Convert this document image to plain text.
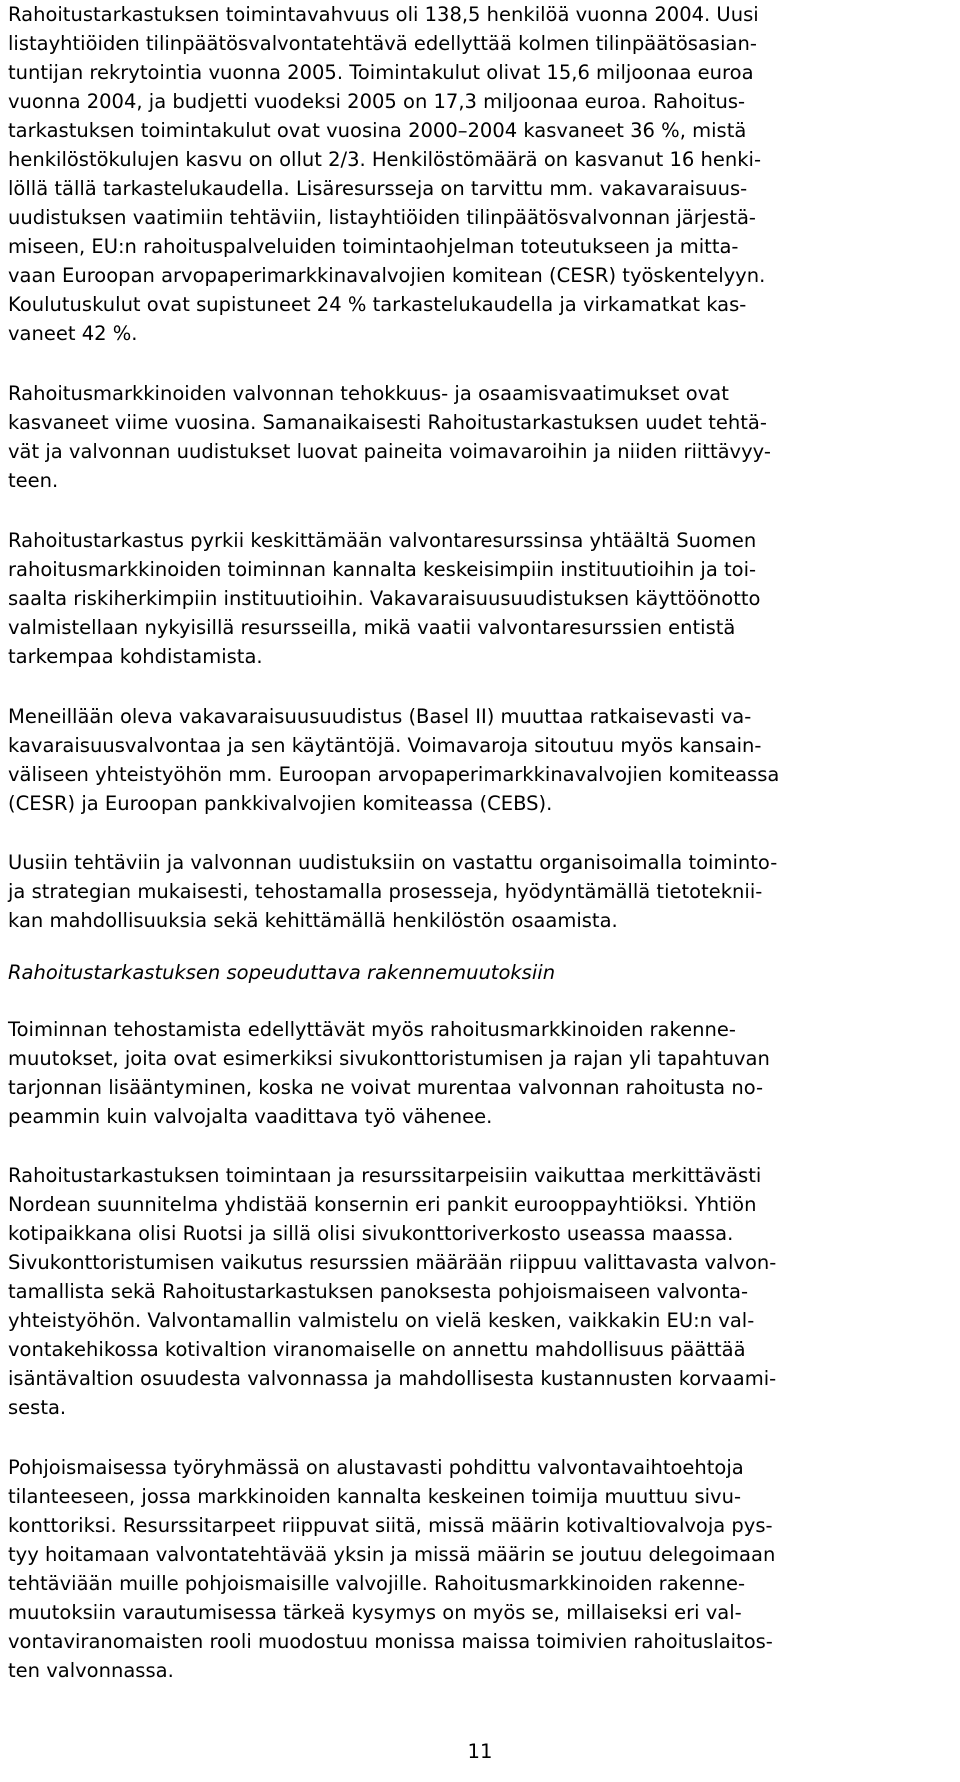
Rahoitustarkastuksen toimintavahvuus oli 138,5 henkilöä vuonna 2004. Uusi
listayhtiöiden tilinpäätösvalvontatehtävä edellyttää kolmen tilinpäätösasian-
tuntijan rekrytointia vuonna 2005. Toimintakulut olivat 15,6 miljoonaa euroa
vuonna 2004, ja budjetti vuodeksi 2005 on 17,3 miljoonaa euroa. Rahoitus-
tarkastuksen toimintakulut ovat vuosina 2000–2004 kasvaneet 36 %, mistä
henkilöstökulujen kasvu on ollut 2/3. Henkilöstömäärä on kasvanut 16 henki-
löllä tällä tarkastelukaudella. Lisäresursseja on tarvittu mm. vakavaraisuus-
uudistuksen vaatimiin tehtäviin, listayhtiöiden tilinpäätösvalvonnan järjestä-
miseen, EU:n rahoituspalveluiden toimintaohjelman toteutukseen ja mitta-
vaan Euroopan arvopaperimarkkinavalvojien komitean (CESR) työskentelyyn.
Koulutuskulut ovat supistuneet 24 % tarkastelukaudella ja virkamatkat kas-
vaneet 42 %.
Rahoitusmarkkinoiden valvonnan tehokkuus- ja osaamisvaatimukset ovat
kasvaneet viime vuosina. Samanaikaisesti Rahoitustarkastuksen uudet tehtä-
vät ja valvonnan uudistukset luovat paineita voimavaroihin ja niiden riittävyy-
teen.
Rahoitustarkastus pyrkii keskittämään valvontaresurssinsa yhtäältä Suomen
rahoitusmarkkinoiden toiminnan kannalta keskeisimpiin instituutioihin ja toi-
saalta riskiherkimpiin instituutioihin. Vakavaraisuusuudistuksen käyttöönotto
valmistellaan nykyisillä resursseilla, mikä vaatii valvontaresurssien entistä
tarkempaa kohdistamista.
Meneillään oleva vakavaraisuusuudistus (Basel II) muuttaa ratkaisevasti va-
kavaraisuusvalvontaa ja sen käytäntöjä. Voimavaroja sitoutuu myös kansain-
väliseen yhteistyöhön mm. Euroopan arvopaperimarkkinavalvojien komiteassa
(CESR) ja Euroopan pankkivalvojien komiteassa (CEBS).
Uusiin tehtäviin ja valvonnan uudistuksiin on vastattu organisoimalla toiminto-
ja strategian mukaisesti, tehostamalla prosesseja, hyödyntämällä tietoteknii-
kan mahdollisuuksia sekä kehittämällä henkilöstön osaamista.
Rahoitustarkastuksen sopeuduttava rakennemuutoksiin
Toiminnan tehostamista edellyttävät myös rahoitusmarkkinoiden rakenne-
muutokset, joita ovat esimerkiksi sivukonttoristumisen ja rajan yli tapahtuvan
tarjonnan lisääntyminen, koska ne voivat murentaa valvonnan rahoitusta no-
peammin kuin valvojalta vaadittava työ vähenee.
Rahoitustarkastuksen toimintaan ja resurssitarpeisiin vaikuttaa merkittävästi
Nordean suunnitelma yhdistää konsernin eri pankit eurooppayhtiöksi. Yhtiön
kotipaikkana olisi Ruotsi ja sillä olisi sivukonttoriverkosto useassa maassa.
Sivukonttoristumisen vaikutus resurssien määrään riippuu valittavasta valvon-
tamallista sekä Rahoitustarkastuksen panoksesta pohjoismaiseen valvonta-
yhteistyöhön. Valvontamallin valmistelu on vielä kesken, vaikkakin EU:n val-
vontakehikossa kotivaltion viranomaiselle on annettu mahdollisuus päättää
isäntävaltion osuudesta valvonnassa ja mahdollisesta kustannusten korvaami-
sesta.
Pohjoismaisessa työryhmässä on alustavasti pohdittu valvontavaihtoehtoja
tilanteeseen, jossa markkinoiden kannalta keskeinen toimija muuttuu sivu-
konttoriksi. Resurssitarpeet riippuvat siitä, missä määrin kotivaltiovalvoja pys-
tyy hoitamaan valvontatehtävää yksin ja missä määrin se joutuu delegoimaan
tehtäviään muille pohjoismaisille valvojille. Rahoitusmarkkinoiden rakenne-
muutoksiin varautumisessa tärkeä kysymys on myös se, millaiseksi eri val-
vontaviranomaisten rooli muodostuu monissa maissa toimivien rahoituslaitos-
ten valvonnassa.
11
